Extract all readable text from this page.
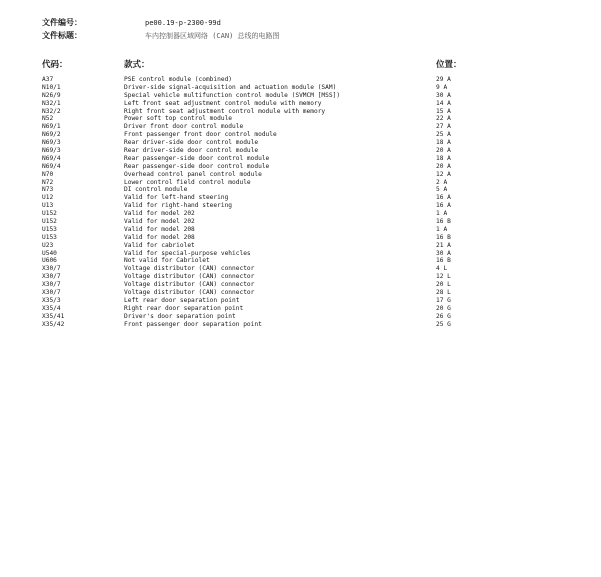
文件编号：	pe00.19-p-2300-99d
文件标题：	车内控制器区域网络 (CAN) 总线的电路图
代码：	款式：	位置：
A37	PSE control module (combined)	29 A
N10/1	Driver-side signal-acquisition and actuation module (SAM)	9 A
N26/9	Special vehicle multifunction control module (SVMCM [MSS])	30 A
N32/1	Left front seat adjustment control module with memory	14 A
N32/2	Right front seat adjustment control module with memory	15 A
N52	Power soft top control module	22 A
N69/1	Driver front door control module	27 A
N69/2	Front passenger front door control module	25 A
N69/3	Rear driver-side door control module	18 A
N69/3	Rear driver-side door control module	20 A
N69/4	Rear passenger-side door control module	18 A
N69/4	Rear passenger-side door control module	20 A
N70	Overhead control panel control module	12 A
N72	Lower control field control module	2 A
N73	DI control module	5 A
U12	Valid for left-hand steering	16 A
U13	Valid for right-hand steering	16 A
U152	Valid for model 202	1 A
U152	Valid for model 202	16 B
U153	Valid for model 208	1 A
U153	Valid for model 208	16 B
U23	Valid for cabriolet	21 A
U540	Valid for special-purpose vehicles	30 A
U606	Not valid for Cabriolet	16 B
X30/7	Voltage distributor (CAN) connector	4 L
X30/7	Voltage distributor (CAN) connector	12 L
X30/7	Voltage distributor (CAN) connector	20 L
X30/7	Voltage distributor (CAN) connector	28 L
X35/3	Left rear door separation point	17 G
X35/4	Right rear door separation point	20 G
X35/41	Driver's door separation point	26 G
X35/42	Front passenger door separation point	25 G
